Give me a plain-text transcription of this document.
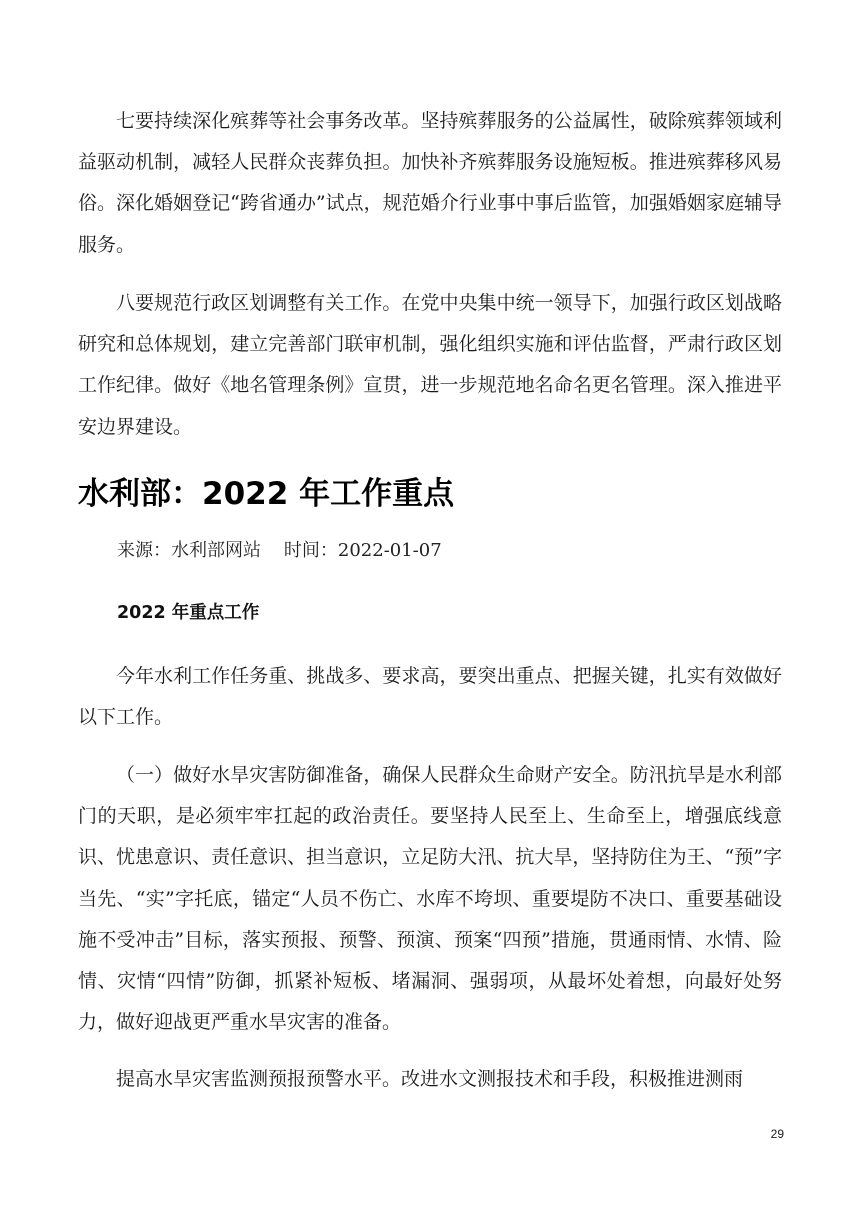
七要持续深化殡葬等社会事务改革。坚持殡葬服务的公益属性，破除殡葬领域利益驱动机制，减轻人民群众丧葬负担。加快补齐殡葬服务设施短板。推进殡葬移风易俗。深化婚姻登记“跨省通办”试点，规范婚介行业事中事后监管，加强婚姻家庭辅导服务。

八要规范行政区划调整有关工作。在党中央集中统一领导下，加强行政区划战略研究和总体规划，建立完善部门联审机制，强化组织实施和评估监督，严肃行政区划工作纪律。做好《地名管理条例》宣贯，进一步规范地名命名更名管理。深入推进平安边界建设。

水利部：2022 年工作重点

来源：水利部网站    时间：2022-01-07

2022 年重点工作

今年水利工作任务重、挑战多、要求高，要突出重点、把握关键，扎实有效做好以下工作。

（一）做好水旱灾害防御准备，确保人民群众生命财产安全。防汛抗旱是水利部门的天职，是必须牢牢扛起的政治责任。要坚持人民至上、生命至上，增强底线意识、忧患意识、责任意识、担当意识，立足防大汛、抗大旱，坚持防住为王、“预”字当先、“实”字托底，锚定“人员不伤亡、水库不垮坝、重要堤防不决口、重要基础设施不受冲击”目标，落实预报、预警、预演、预案“四预”措施，贯通雨情、水情、险情、灾情“四情”防御，抓紧补短板、堵漏洞、强弱项，从最坏处着想，向最好处努力，做好迎战更严重水旱灾害的准备。

提高水旱灾害监测预报预警水平。改进水文测报技术和手段，积极推进测雨

29
